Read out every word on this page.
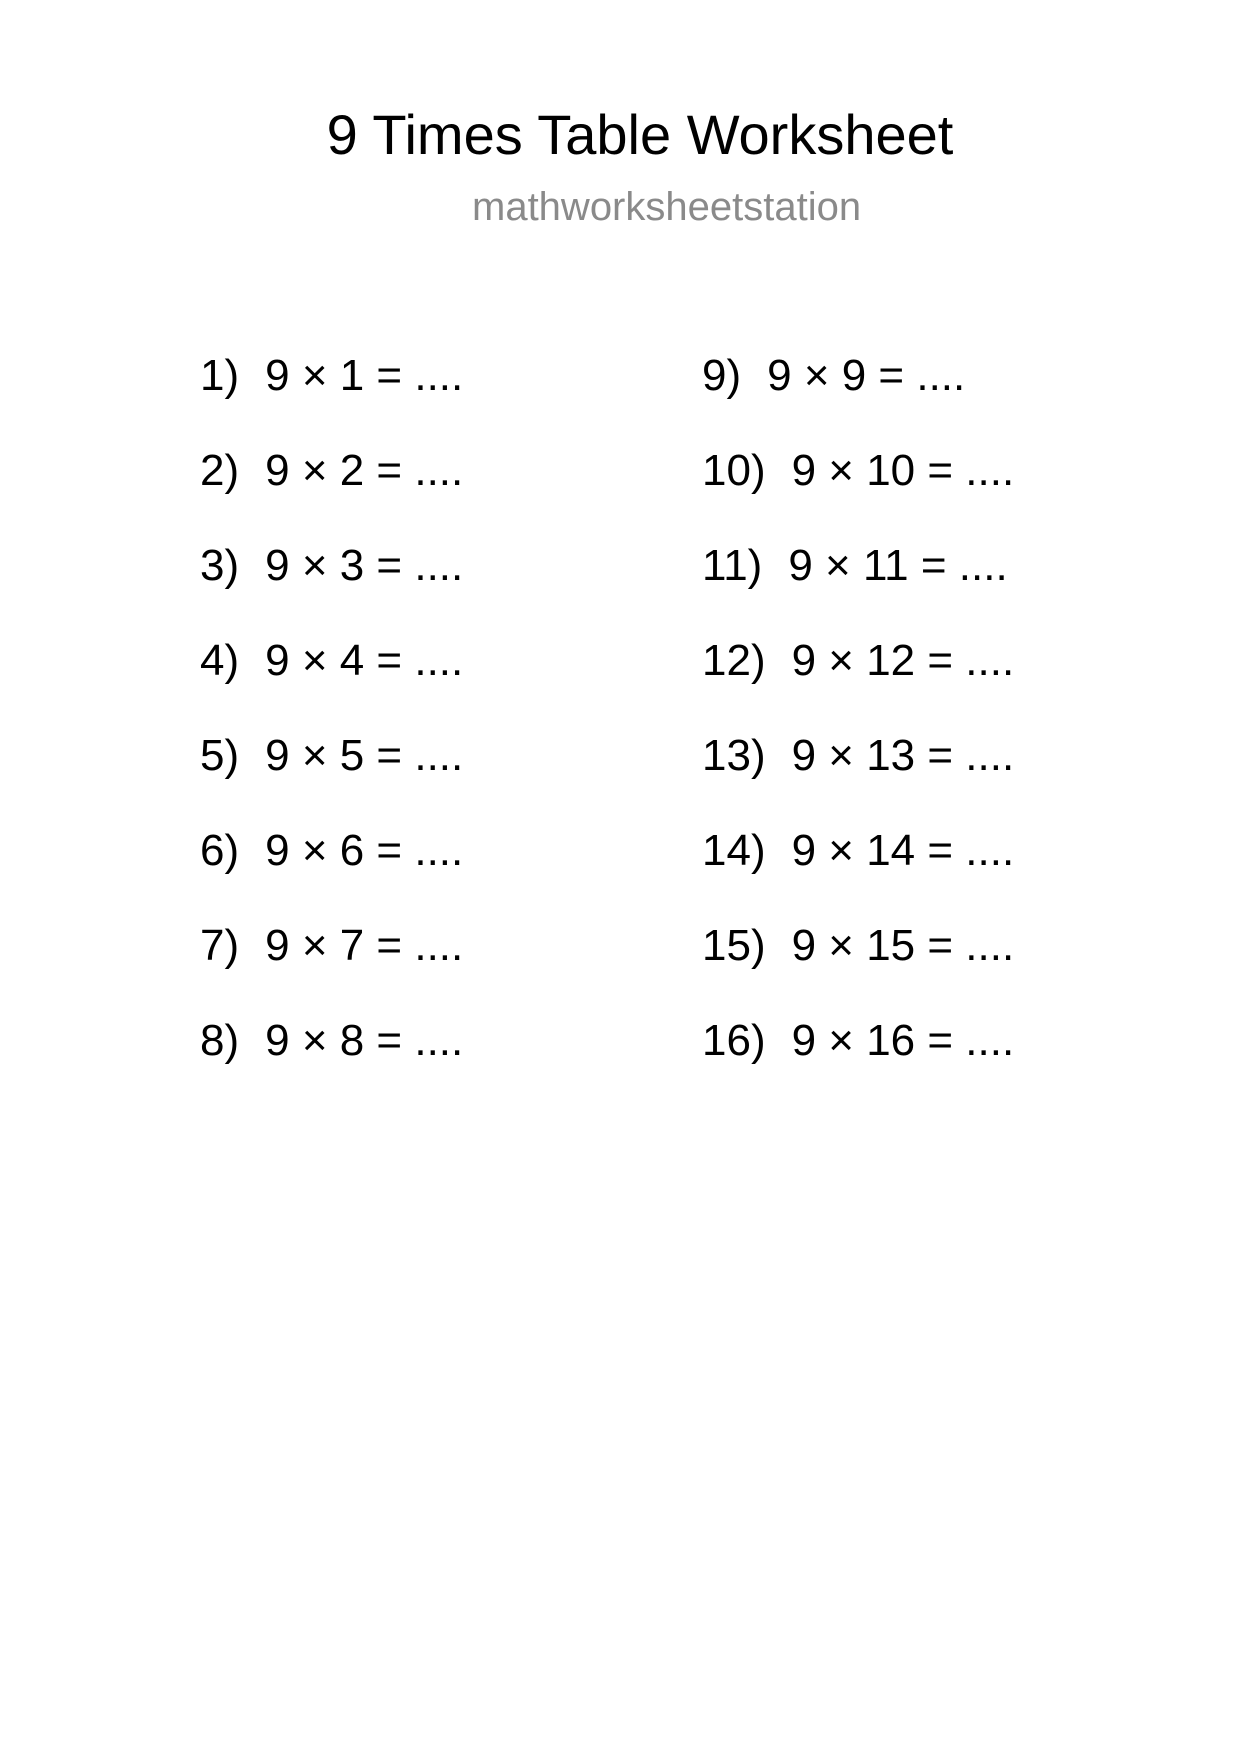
9 Times Table Worksheet
mathworksheetstation
1) 9 × 1 = ....
2) 9 × 2 = ....
3) 9 × 3 = ....
4) 9 × 4 = ....
5) 9 × 5 = ....
6) 9 × 6 = ....
7) 9 × 7 = ....
8) 9 × 8 = ....
9) 9 × 9 = ....
10) 9 × 10 = ....
11) 9 × 11 = ....
12) 9 × 12 = ....
13) 9 × 13 = ....
14) 9 × 14 = ....
15) 9 × 15 = ....
16) 9 × 16 = ....
